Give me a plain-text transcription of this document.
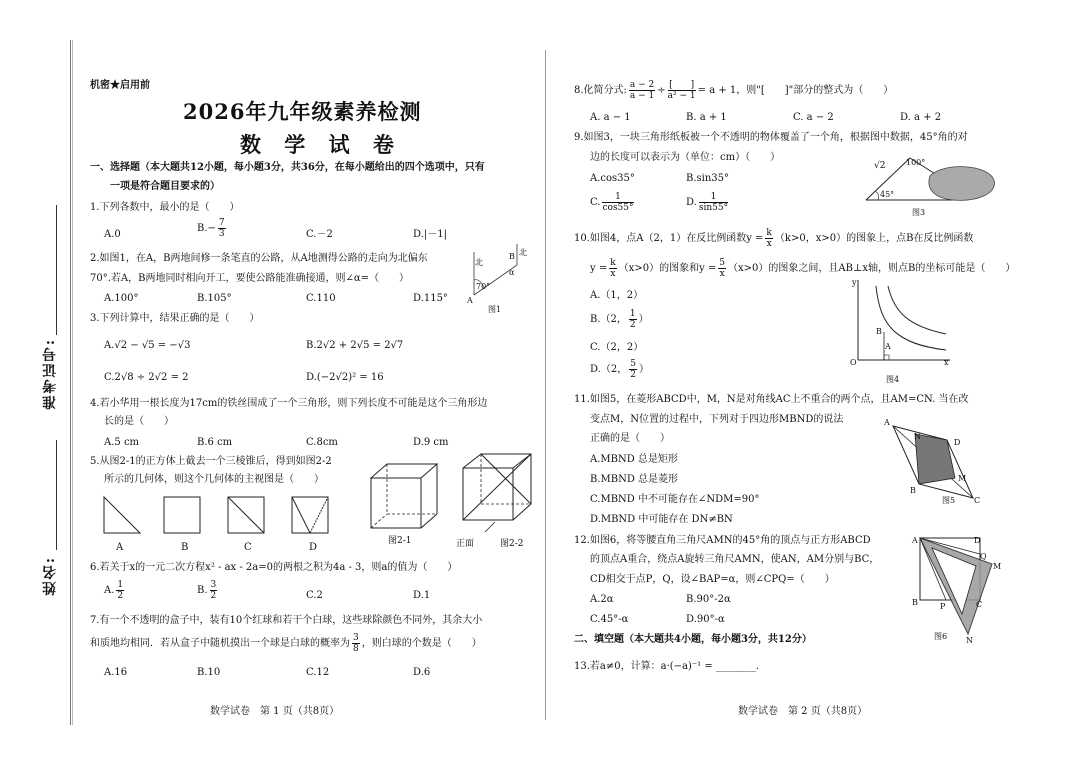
准考证号:
姓名:
机密★启用前
2026年九年级素养检测
数 学 试 卷
一、选择题（本大题共12小题，每小题3分，共36分，在每小题给出的四个选项中，只有
一项是符合题目要求的）
1.下列各数中，最小的是（　　）
A.0
$B.- \frac{7}{3}$	C.－2	D.|－1|
2.如图1，在A，B两地间修一条笔直的公路，从A地测得公路的走向为北偏东
70°.若A，B两地同时相向开工，要使公路能准确接通，则∠α=（　　）
A.100°	B.105°	C.110	D.115°
北
北
70°
α
A
B
图1
3.下列计算中，结果正确的是（　　）
A.√2 − √5 = −√3	B.2√2 + 2√5 = 2√7
C.2√8 ÷ 2√2 = 2	D.(−2√2)² = 16
4.若小华用一根长度为17cm的铁丝围成了一个三角形，则下列长度不可能是这个三角形边
长的是（　　）
A.5 cm	B.6 cm	C.8cm	D.9 cm
5.从图2-1的正方体上截去一个三棱锥后，得到如图2-2
所示的几何体，则这个几何体的主视图是（　　）
A	B	C	D
图2-1	正面	图2-2
6.若关于x的一元二次方程x² - ax - 2a=0的两根之积为4a - 3，则a的值为（　　）
A. $\frac{1}{2}$	B. $\frac{3}{2}$	C.2	D.1
7.有一个不透明的盒子中，装有10个红球和若干个白球，这些球除颜色不同外，其余大小
和质地均相同．若从盒子中随机摸出一个球是白球的概率为 $\frac{3}{8}$ ，则白球的个数是（　　）
A.16	B.10	C.12	D.6
数学试卷　第 1 页（共8页）
8.化简分式: $\frac{a - 2}{a - 1} \div \frac{[ ]}{\text{a² − 1}} = a + 1$，则"[　　]"部分的整式为（　　）
A. a − 1	B. a + 1	C. a − 2	D. a + 2
9.如图3，一块三角形纸板被一个不透明的物体覆盖了一个角，根据图中数据，45°角的对
边的长度可以表示为（单位：cm）（　　）
A.cos35°	B.sin35°
C. $\frac{1}{\cos 55^\circ}$	D. $\frac{1}{\sin 55^\circ}$
√2	100°
45°
图3
10.如图4，点A（2，1）在反比例函数$y = \frac{k}{x} (k>0$，x>0）的图象上，点B在反比例函数
$y = \frac{k}{x} (x>0)$的图象和$y = \frac{5}{x} (x>0)$的图象之间，且AB⊥x轴，则点B的坐标可能是（　　）
A.（1，2）
B.（2， $\frac{1}{2}$ ）
C.（2，2）
D.（2， $\frac{5}{2}$ ）
y
x
O
B
A
图4
11.如图5，在菱形ABCD中，M，N是对角线AC上不重合的两个点，且AM=CN. 当在改
变点M，N位置的过程中，下列对于四边形MBND的说法
正确的是（　　）
A.MBND 总是矩形
B.MBND 总是菱形
C.MBND 中不可能存在∠NDM=90°
D.MBND 中可能存在 DN≠BN
A
N
D
B
M
C
图5
12.如图6，将等腰直角三角尺AMN的45°角的顶点与正方形ABCD
的顶点A重合，绕点A旋转三角尺AMN，使AN，AM分别与BC，
CD相交于点P，Q，设∠BAP=α，则∠CPQ=（　　）
A.2α	B.90°-2α
C.45°-α	D.90°-α
A	D
Q
M
B	P	C
N
图6
二、填空题（本大题共4小题，每小题3分，共12分）
13.若a≠0，计算：a·(−a)⁻¹ = ________.
数学试卷　第 2 页（共8页）
